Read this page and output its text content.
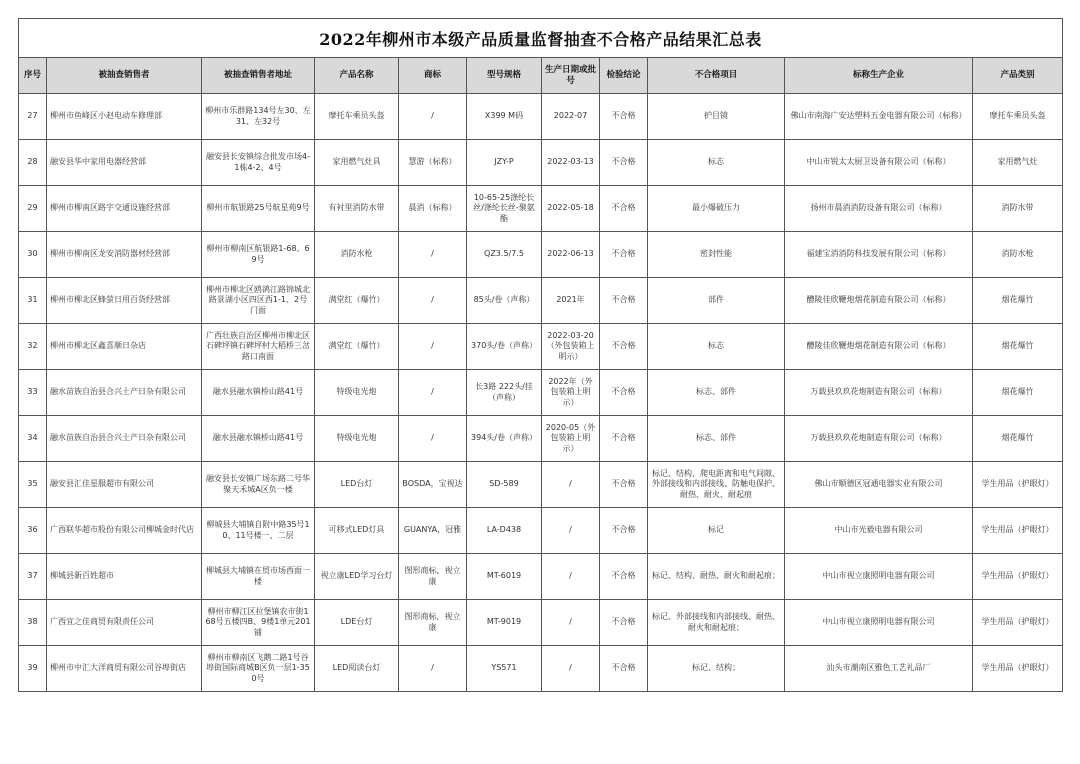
2022年柳州市本级产品质量监督抽查不合格产品结果汇总表										
序号	被抽查销售者	被抽查销售者地址	产品名称	商标	型号规格	生产日期或批号	检验结论	不合格项目	标称生产企业	产品类别
27	柳州市鱼峰区小赵电动车修理部	柳州市乐群路134号左30、左31、左32号	摩托车乘员头盔	/	X399 M码	2022-07	不合格	护目镜	佛山市南海广安达塑料五金电器有限公司（标称）	摩托车乘员头盔
28	融安县华中家用电器经营部	融安县长安镇综合批发市场4-1栋4-2、4号	家用燃气灶具	慧游（标称）	JZY-P	2022-03-13	不合格	标志	中山市锐太太厨卫设备有限公司（标称）	家用燃气灶
29	柳州市柳南区路宇交通设施经营部	柳州市航银路25号航星苑9号	有衬里消防水带	晨消（标称）	10-65-25涤纶长丝/涤纶长丝-聚氨酯	2022-05-18	不合格	最小爆破压力	扬州市晨消消防设备有限公司（标称）	消防水带
30	柳州市柳南区龙安消防器材经营部	柳州市柳南区航银路1-68、69号	消防水枪	/	QZ3.5/7.5	2022-06-13	不合格	密封性能	福建宝消消防科技发展有限公司（标称）	消防水枪
31	柳州市柳北区蜂萤日用百货经营部	柳州市柳北区鸥鹆江路锦城北路景湖小区四区西1-1、2号门面	满堂红（爆竹）	/	85头/卷（声称）	2021年	不合格	部件	醴陵佳欣鞭炮烟花制造有限公司（标称）	烟花爆竹
32	柳州市柳北区鑫喜顺日杂店	广西壮族自治区柳州市柳北区石碑坪镇石碑坪村大稻桥三岔路口南面	满堂红（爆竹）	/	370头/卷（声称）	2022-03-20（外包装箱上明示）	不合格	标志	醴陵佳欣鞭炮烟花制造有限公司（标称）	烟花爆竹
33	融水苗族自治县合兴土产日杂有限公司	融水县融水镇桥山路41号	特级电光炮	/	长3路 222头/挂（声称）	2022年（外包装箱上明示）	不合格	标志、部件	万载县玖玖花炮制造有限公司（标称）	烟花爆竹
34	融水苗族自治县合兴土产日杂有限公司	融水县融水镇桥山路41号	特级电光炮	/	394头/卷（声称）	2020-05（外包装箱上明示）	不合格	标志、部件	万载县玖玖花炮制造有限公司（标称）	烟花爆竹
35	融安县汇佳星服超市有限公司	融安县长安镇广场东路二号华聚天禾城A区负一楼	LED台灯	BOSDA，宝视达	SD-589	/	不合格	标记、结构、爬电距离和电气间隙、外部接线和内部接线、防触电保护、耐热、耐火、耐起痕	佛山市顺德区冠通电器实业有限公司	学生用品（护眼灯）
36	广西联华超市股份有限公司柳城金时代店	柳城县大埔镇自附中路35号10、11号楼一、二层	可移式LED灯具	GUANYA，冠雅	LA-D438	/	不合格	标记	中山市光毅电器有限公司	学生用品（护眼灯）
37	柳城县新百姓超市	柳城县大埔镇在贸市场西面一楼	视立康LED学习台灯	图形商标，视立康	MT-6019	/	不合格	标记、结构、耐热、耐火和耐起痕；	中山市视立康照明电器有限公司	学生用品（护眼灯）
38	广西宜之佳商贸有限责任公司	柳州市柳江区拉堡镇农市街168号五楼四B、9楼1单元201铺	LDE台灯	图形商标，视立康	MT-9019	/	不合格	标记、外部接线和内部接线、耐热、耐火和耐起痕；	中山市视立康照明电器有限公司	学生用品（护眼灯）
39	柳州市中汇大洋商贸有限公司谷埠街店	柳州市柳南区飞鹅二路1号谷埠街国际商城B区负一层1-350号	LED阅读台灯	/	YS571	/	不合格	标记、结构；	汕头市潮南区雅色工艺礼品厂	学生用品（护眼灯）
